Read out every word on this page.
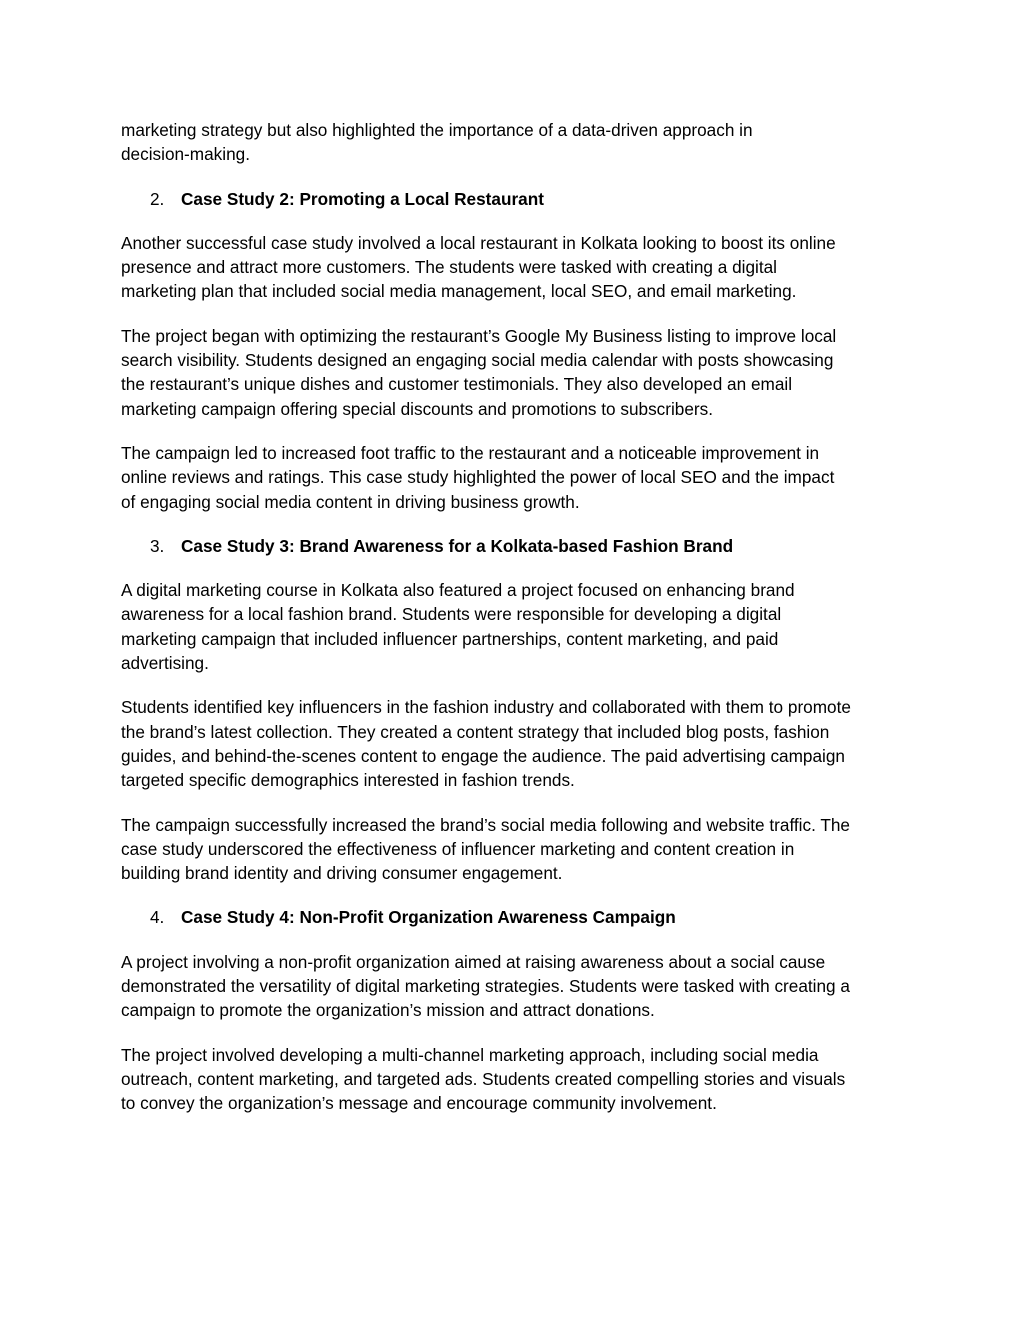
marketing strategy but also highlighted the importance of a data-driven approach in
decision-making.

2. Case Study 2: Promoting a Local Restaurant

Another successful case study involved a local restaurant in Kolkata looking to boost its online
presence and attract more customers. The students were tasked with creating a digital
marketing plan that included social media management, local SEO, and email marketing.

The project began with optimizing the restaurant’s Google My Business listing to improve local
search visibility. Students designed an engaging social media calendar with posts showcasing
the restaurant’s unique dishes and customer testimonials. They also developed an email
marketing campaign offering special discounts and promotions to subscribers.

The campaign led to increased foot traffic to the restaurant and a noticeable improvement in
online reviews and ratings. This case study highlighted the power of local SEO and the impact
of engaging social media content in driving business growth.

3. Case Study 3: Brand Awareness for a Kolkata-based Fashion Brand

A digital marketing course in Kolkata also featured a project focused on enhancing brand
awareness for a local fashion brand. Students were responsible for developing a digital
marketing campaign that included influencer partnerships, content marketing, and paid
advertising.

Students identified key influencers in the fashion industry and collaborated with them to promote
the brand’s latest collection. They created a content strategy that included blog posts, fashion
guides, and behind-the-scenes content to engage the audience. The paid advertising campaign
targeted specific demographics interested in fashion trends.

The campaign successfully increased the brand’s social media following and website traffic. The
case study underscored the effectiveness of influencer marketing and content creation in
building brand identity and driving consumer engagement.

4. Case Study 4: Non-Profit Organization Awareness Campaign

A project involving a non-profit organization aimed at raising awareness about a social cause
demonstrated the versatility of digital marketing strategies. Students were tasked with creating a
campaign to promote the organization’s mission and attract donations.

The project involved developing a multi-channel marketing approach, including social media
outreach, content marketing, and targeted ads. Students created compelling stories and visuals
to convey the organization’s message and encourage community involvement.
